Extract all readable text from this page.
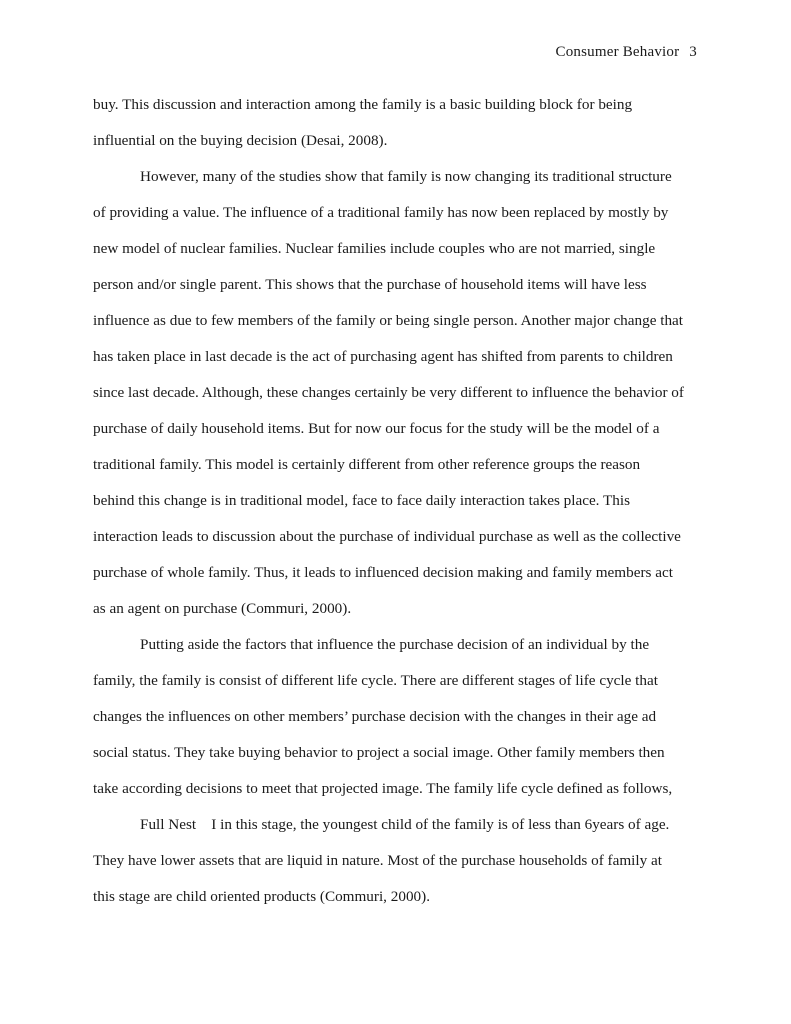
Consumer Behavior 3
buy. This discussion and interaction among the family is a basic building block for being
influential on the buying decision (Desai, 2008).
However, many of the studies show that family is now changing its traditional structure
of providing a value. The influence of a traditional family has now been replaced by mostly by
new model of nuclear families. Nuclear families include couples who are not married, single
person and/or single parent. This shows that the purchase of household items will have less
influence as due to few members of the family or being single person. Another major change that
has taken place in last decade is the act of purchasing agent has shifted from parents to children
since last decade. Although, these changes certainly be very different to influence the behavior of
purchase of daily household items. But for now our focus for the study will be the model of a
traditional family. This model is certainly different from other reference groups the reason
behind this change is in traditional model, face to face daily interaction takes place. This
interaction leads to discussion about the purchase of individual purchase as well as the collective
purchase of whole family. Thus, it leads to influenced decision making and family members act
as an agent on purchase (Commuri, 2000).
Putting aside the factors that influence the purchase decision of an individual by the
family, the family is consist of different life cycle. There are different stages of life cycle that
changes the influences on other members’ purchase decision with the changes in their age ad
social status. They take buying behavior to project a social image. Other family members then
take according decisions to meet that projected image. The family life cycle defined as follows,
Full Nest    I in this stage, the youngest child of the family is of less than 6years of age.
They have lower assets that are liquid in nature. Most of the purchase households of family at
this stage are child oriented products (Commuri, 2000).
